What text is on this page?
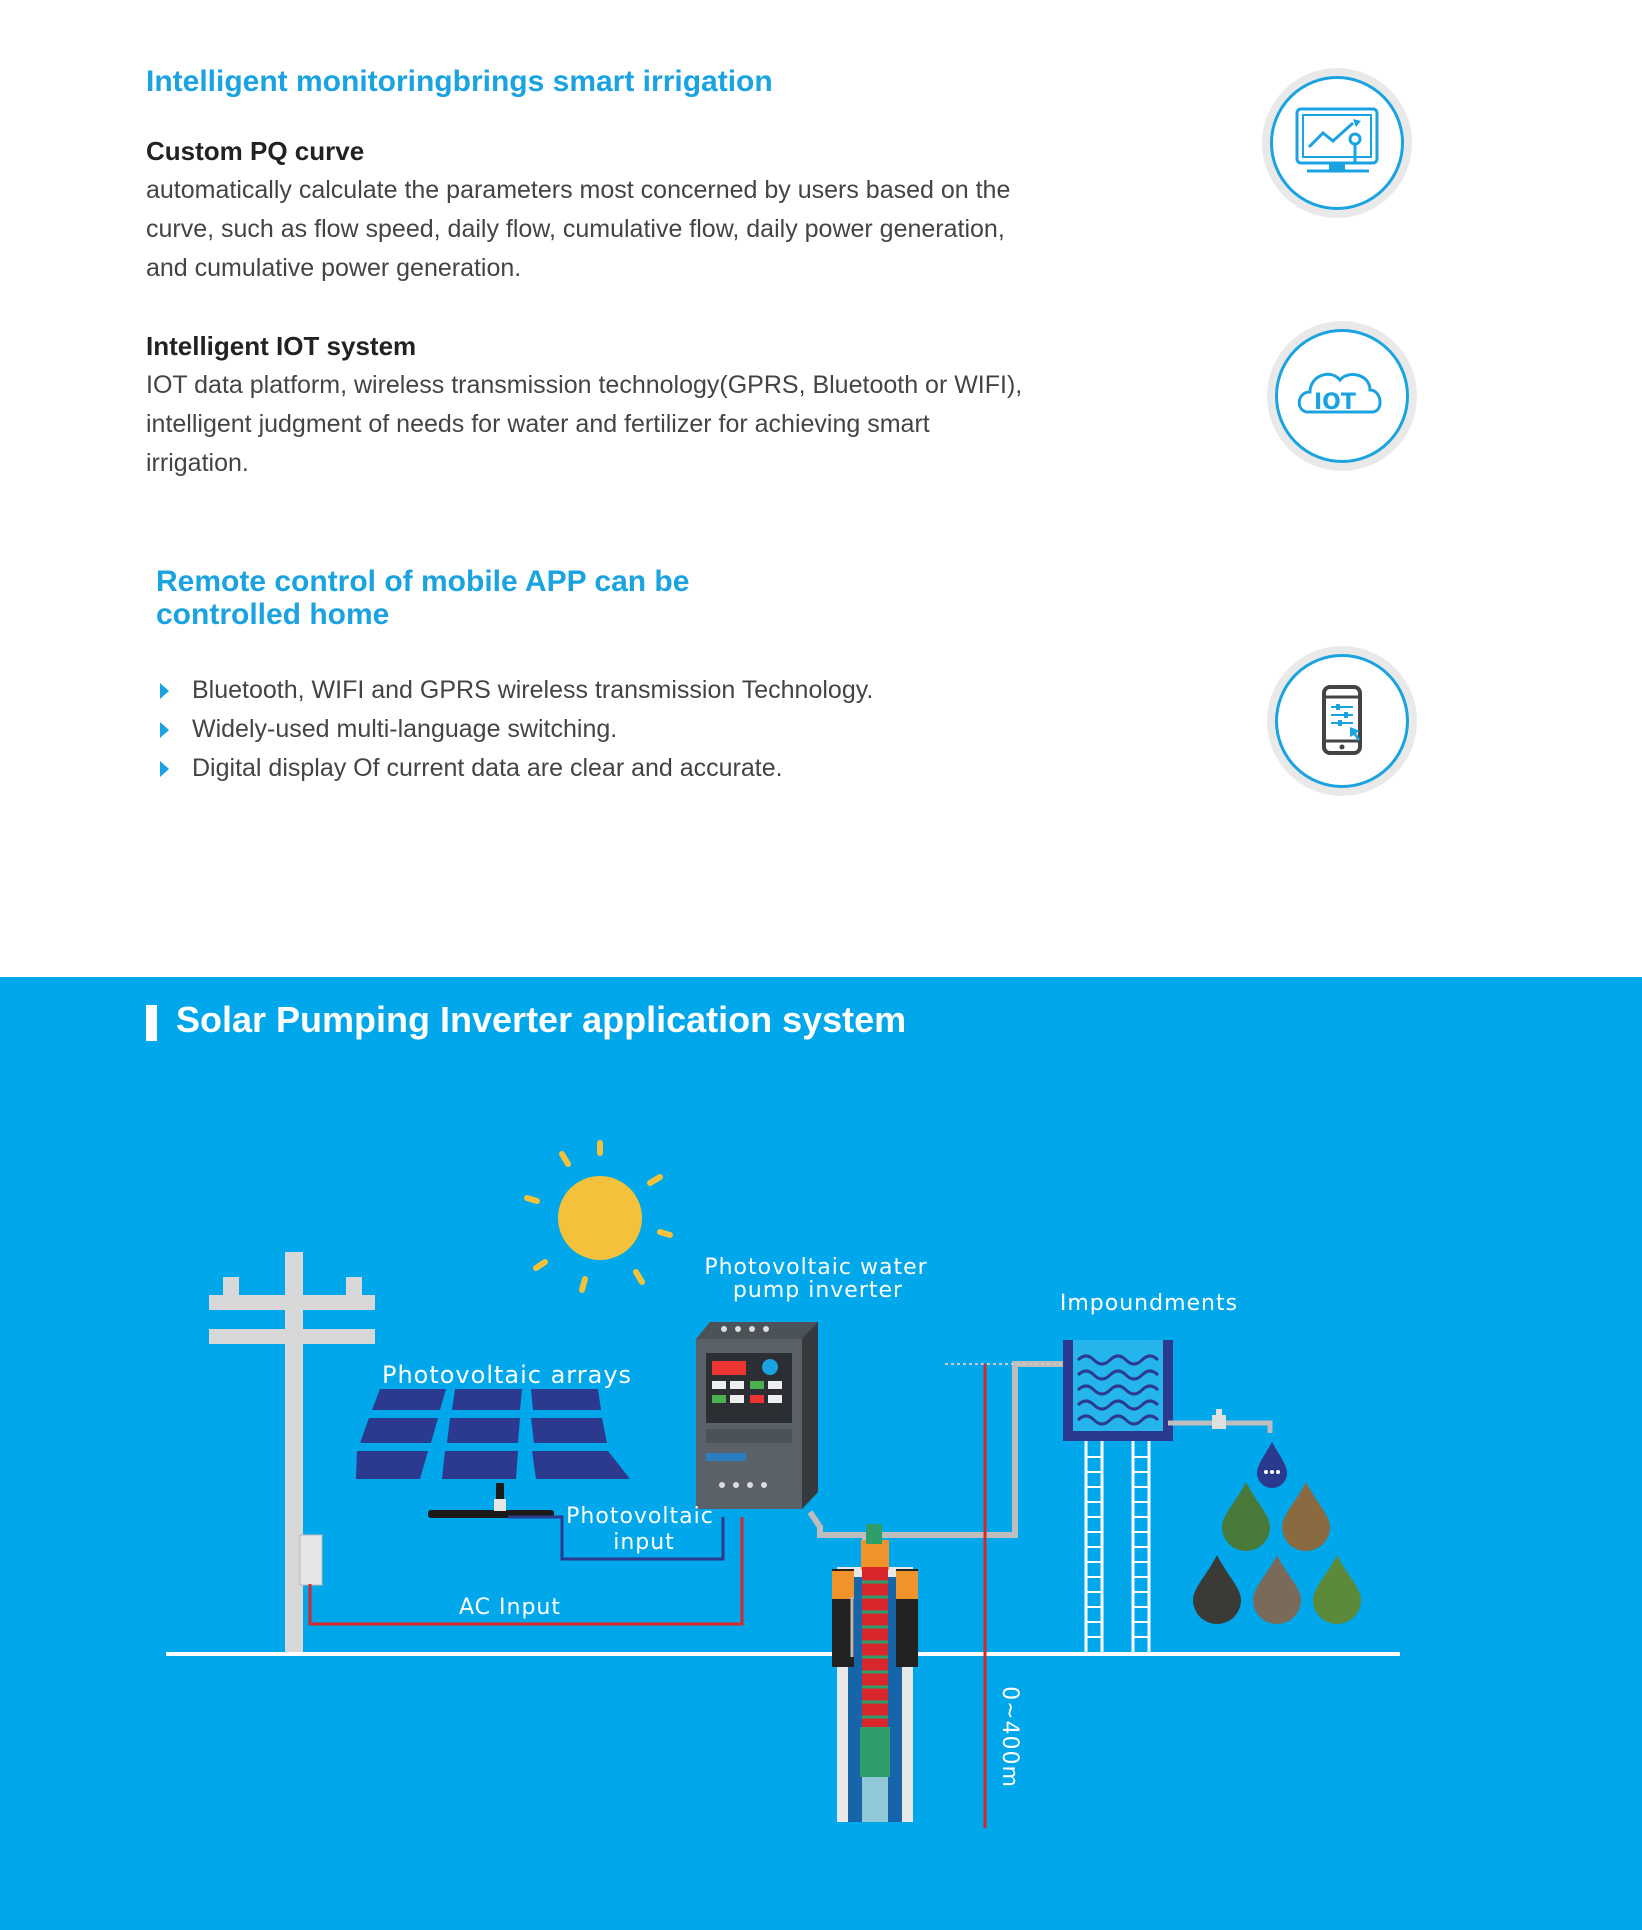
Intelligent monitoringbrings smart irrigation
Custom PQ curve
automatically calculate the parameters most concerned by users based on the
curve, such as flow speed, daily flow, cumulative flow, daily power generation,
and cumulative power generation.
Intelligent IOT system
IOT data platform, wireless transmission technology(GPRS, Bluetooth or WIFI),
intelligent judgment of needs for water and fertilizer for achieving smart
irrigation.
IOT
Remote control of mobile APP can be
controlled home
Bluetooth, WIFI and GPRS wireless transmission Technology.
Widely-used multi-language switching.
Digital display Of current data are clear and accurate.
Solar Pumping Inverter application system
Photovoltaic water
pump inverter
Photovoltaic arrays
Photovoltaic
input
AC Input
Impoundments
0~400m
